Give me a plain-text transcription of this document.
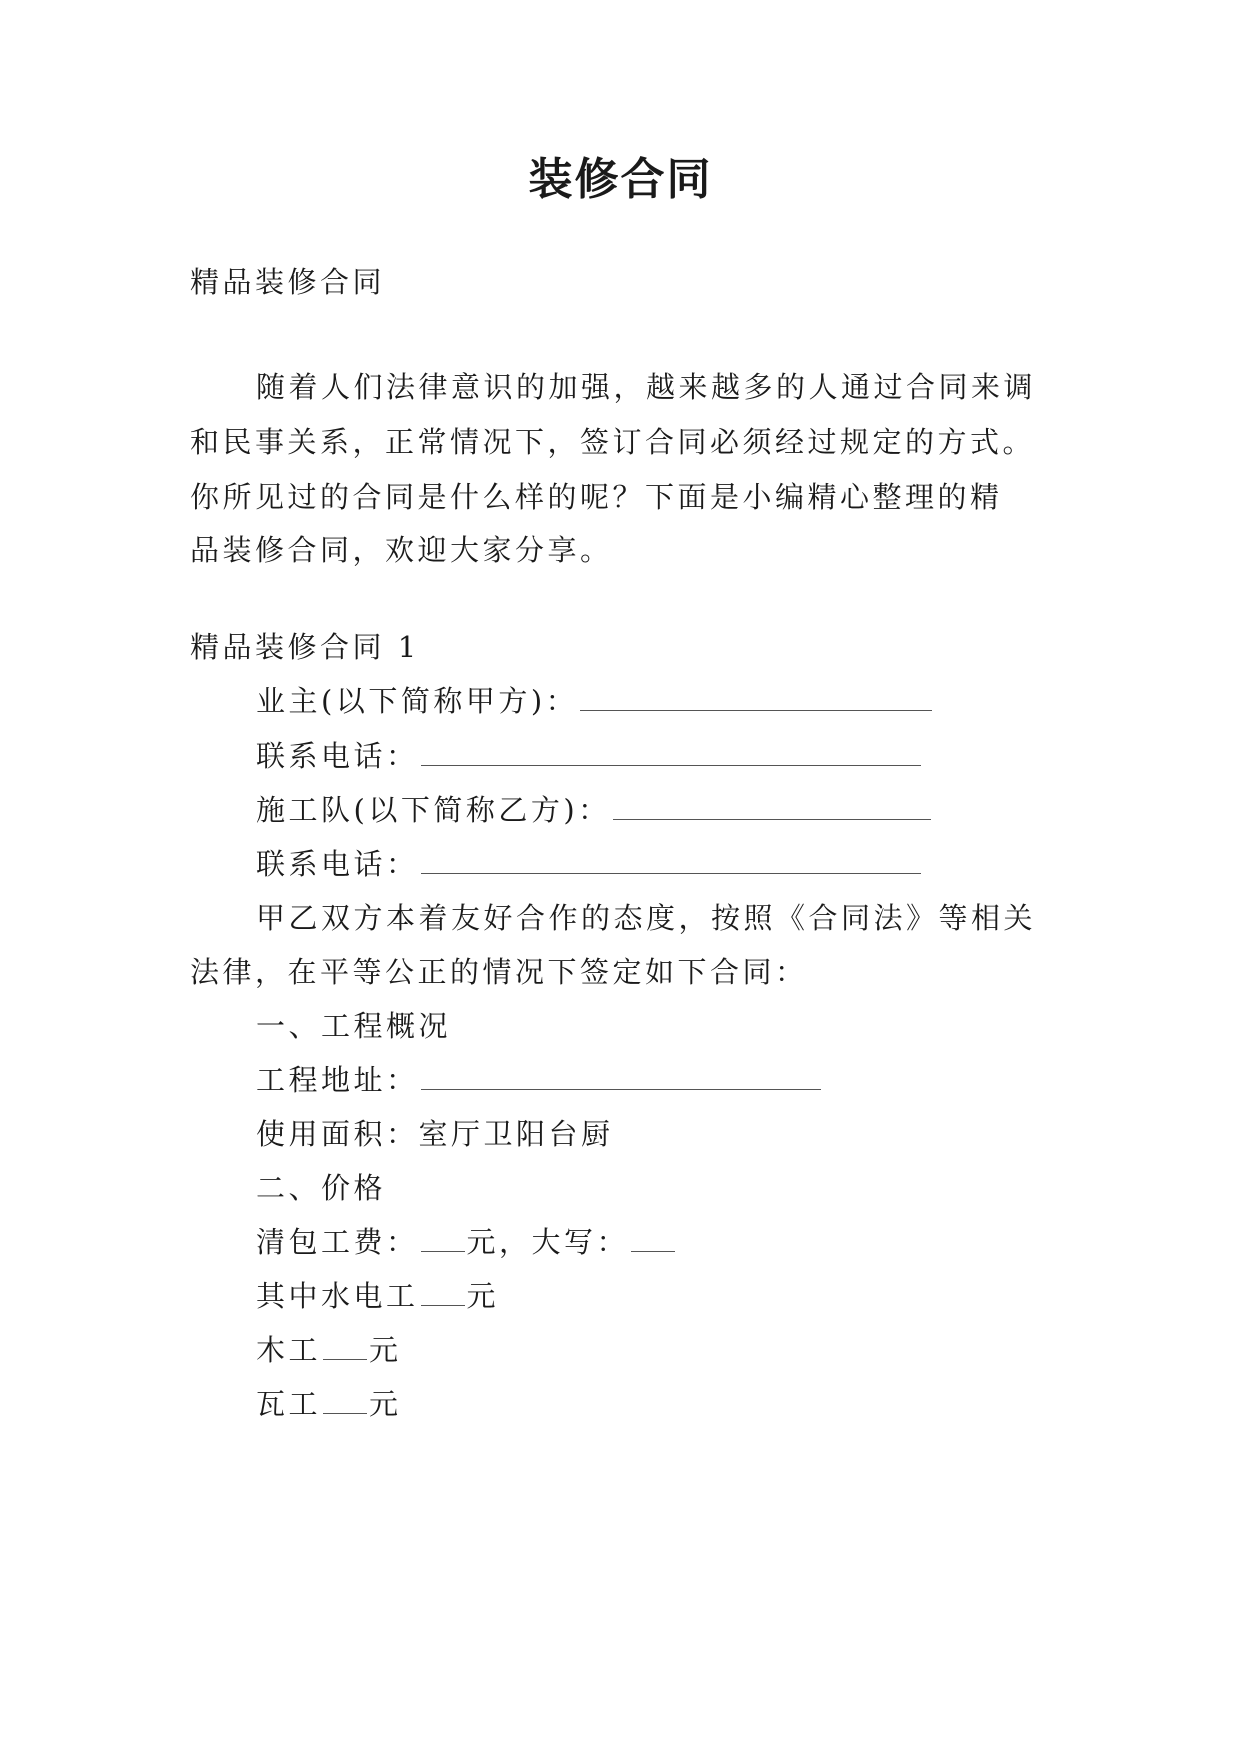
装修合同
精品装修合同
随着人们法律意识的加强，越来越多的人通过合同来调
和民事关系，正常情况下，签订合同必须经过规定的方式。
你所见过的合同是什么样的呢？下面是小编精心整理的精
品装修合同，欢迎大家分享。
精品装修合同 1
业主(以下简称甲方)：
联系电话：
施工队(以下简称乙方)：
联系电话：
甲乙双方本着友好合作的态度，按照《合同法》等相关
法律，在平等公正的情况下签定如下合同：
一、工程概况
工程地址：
使用面积：室厅卫阳台厨
二、价格
清包工费： 元，大写：
其中水电工 元
木工 元
瓦工 元
